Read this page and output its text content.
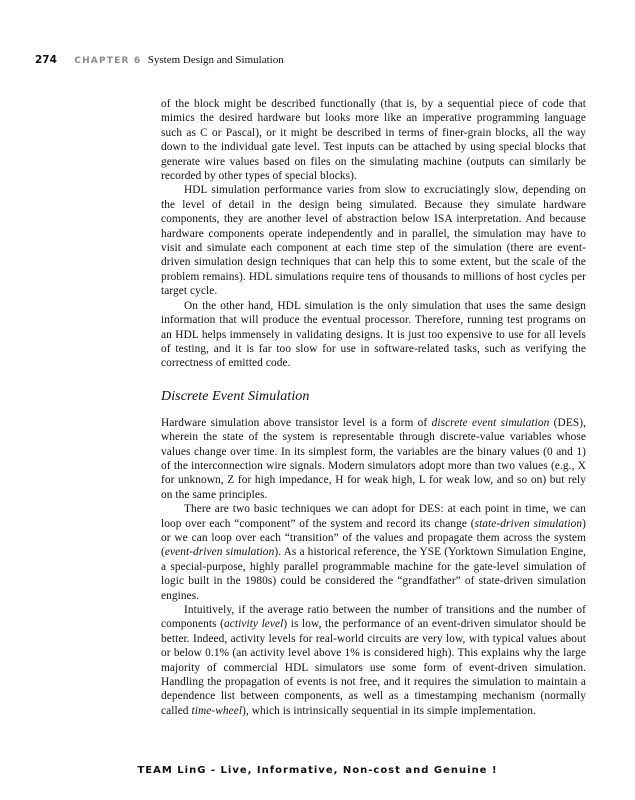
274 CHAPTER 6 System Design and Simulation

of the block might be described functionally (that is, by a sequential piece of code that mimics the desired hardware but looks more like an imperative programming language such as C or Pascal), or it might be described in terms of finer-grain blocks, all the way down to the individual gate level. Test inputs can be attached by using special blocks that generate wire values based on files on the simulating machine (outputs can similarly be recorded by other types of special blocks).

HDL simulation performance varies from slow to excruciatingly slow, depending on the level of detail in the design being simulated. Because they simulate hardware components, they are another level of abstraction below ISA interpretation. And because hardware components operate independently and in parallel, the simulation may have to visit and simulate each component at each time step of the simulation (there are event-driven simulation design techniques that can help this to some extent, but the scale of the problem remains). HDL simulations require tens of thousands to millions of host cycles per target cycle.

On the other hand, HDL simulation is the only simulation that uses the same design information that will produce the eventual processor. Therefore, running test programs on an HDL helps immensely in validating designs. It is just too expensive to use for all levels of testing, and it is far too slow for use in software-related tasks, such as verifying the correctness of emitted code.

Discrete Event Simulation

Hardware simulation above transistor level is a form of discrete event simulation (DES), wherein the state of the system is representable through discrete-value variables whose values change over time. In its simplest form, the variables are the binary values (0 and 1) of the interconnection wire signals. Modern simulators adopt more than two values (e.g., X for unknown, Z for high impedance, H for weak high, L for weak low, and so on) but rely on the same principles.

There are two basic techniques we can adopt for DES: at each point in time, we can loop over each “component” of the system and record its change (state-driven simulation) or we can loop over each “transition” of the values and propagate them across the system (event-driven simulation). As a historical reference, the YSE (Yorktown Simulation Engine, a special-purpose, highly parallel programmable machine for the gate-level simulation of logic built in the 1980s) could be considered the “grandfather” of state-driven simulation engines.

Intuitively, if the average ratio between the number of transitions and the number of components (activity level) is low, the performance of an event-driven simulator should be better. Indeed, activity levels for real-world circuits are very low, with typical values about or below 0.1% (an activity level above 1% is considered high). This explains why the large majority of commercial HDL simulators use some form of event-driven simulation. Handling the propagation of events is not free, and it requires the simulation to maintain a dependence list between components, as well as a timestamping mechanism (normally called time-wheel), which is intrinsically sequential in its simple implementation.

TEAM LinG - Live, Informative, Non-cost and Genuine !
